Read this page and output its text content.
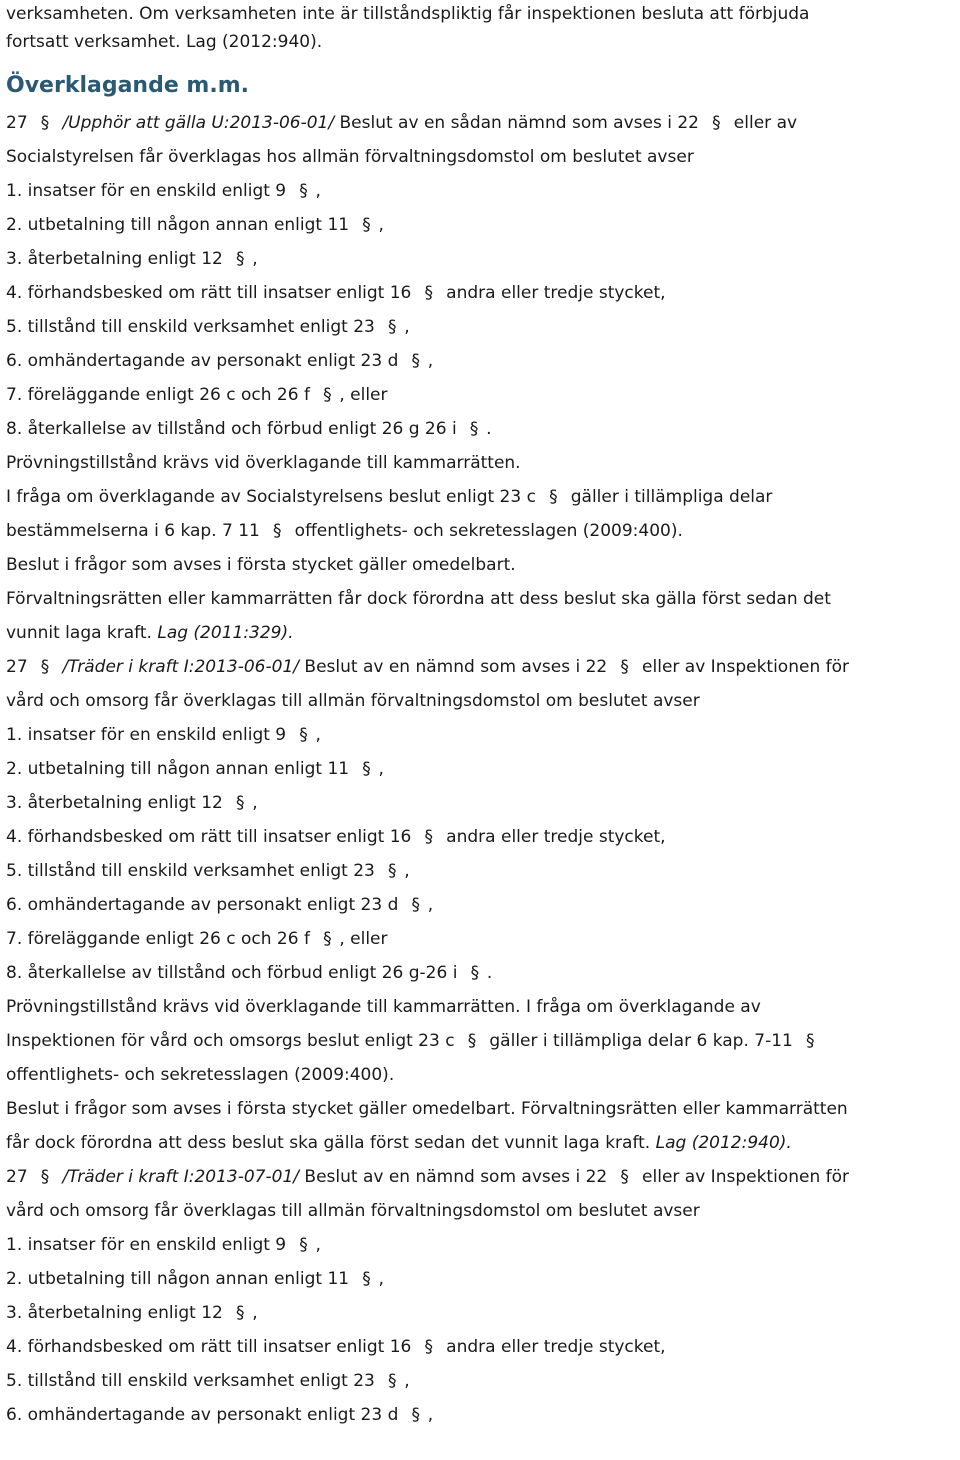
verksamheten. Om verksamheten inte är tillståndspliktig får inspektionen besluta att förbjuda
fortsatt verksamhet. Lag (2012:940).
Överklagande m.m.
27 § /Upphör att gälla U:2013-06-01/ Beslut av en sådan nämnd som avses i 22 § eller av
Socialstyrelsen får överklagas hos allmän förvaltningsdomstol om beslutet avser
1. insatser för en enskild enligt 9 § ,
2. utbetalning till någon annan enligt 11 § ,
3. återbetalning enligt 12 § ,
4. förhandsbesked om rätt till insatser enligt 16 § andra eller tredje stycket,
5. tillstånd till enskild verksamhet enligt 23 § ,
6. omhändertagande av personakt enligt 23 d § ,
7. föreläggande enligt 26 c och 26 f § , eller
8. återkallelse av tillstånd och förbud enligt 26 g 26 i § .
Prövningstillstånd krävs vid överklagande till kammarrätten.
I fråga om överklagande av Socialstyrelsens beslut enligt 23 c § gäller i tillämpliga delar
bestämmelserna i 6 kap. 7 11 § offentlighets- och sekretesslagen (2009:400).
Beslut i frågor som avses i första stycket gäller omedelbart.
Förvaltningsrätten eller kammarrätten får dock förordna att dess beslut ska gälla först sedan det
vunnit laga kraft. Lag (2011:329).
27 § /Träder i kraft I:2013-06-01/ Beslut av en nämnd som avses i 22 § eller av Inspektionen för
vård och omsorg får överklagas till allmän förvaltningsdomstol om beslutet avser
1. insatser för en enskild enligt 9 § ,
2. utbetalning till någon annan enligt 11 § ,
3. återbetalning enligt 12 § ,
4. förhandsbesked om rätt till insatser enligt 16 § andra eller tredje stycket,
5. tillstånd till enskild verksamhet enligt 23 § ,
6. omhändertagande av personakt enligt 23 d § ,
7. föreläggande enligt 26 c och 26 f § , eller
8. återkallelse av tillstånd och förbud enligt 26 g-26 i § .
Prövningstillstånd krävs vid överklagande till kammarrätten. I fråga om överklagande av
Inspektionen för vård och omsorgs beslut enligt 23 c § gäller i tillämpliga delar 6 kap. 7-11 §
offentlighets- och sekretesslagen (2009:400).
Beslut i frågor som avses i första stycket gäller omedelbart. Förvaltningsrätten eller kammarrätten
får dock förordna att dess beslut ska gälla först sedan det vunnit laga kraft. Lag (2012:940).
27 § /Träder i kraft I:2013-07-01/ Beslut av en nämnd som avses i 22 § eller av Inspektionen för
vård och omsorg får överklagas till allmän förvaltningsdomstol om beslutet avser
1. insatser för en enskild enligt 9 § ,
2. utbetalning till någon annan enligt 11 § ,
3. återbetalning enligt 12 § ,
4. förhandsbesked om rätt till insatser enligt 16 § andra eller tredje stycket,
5. tillstånd till enskild verksamhet enligt 23 § ,
6. omhändertagande av personakt enligt 23 d § ,
